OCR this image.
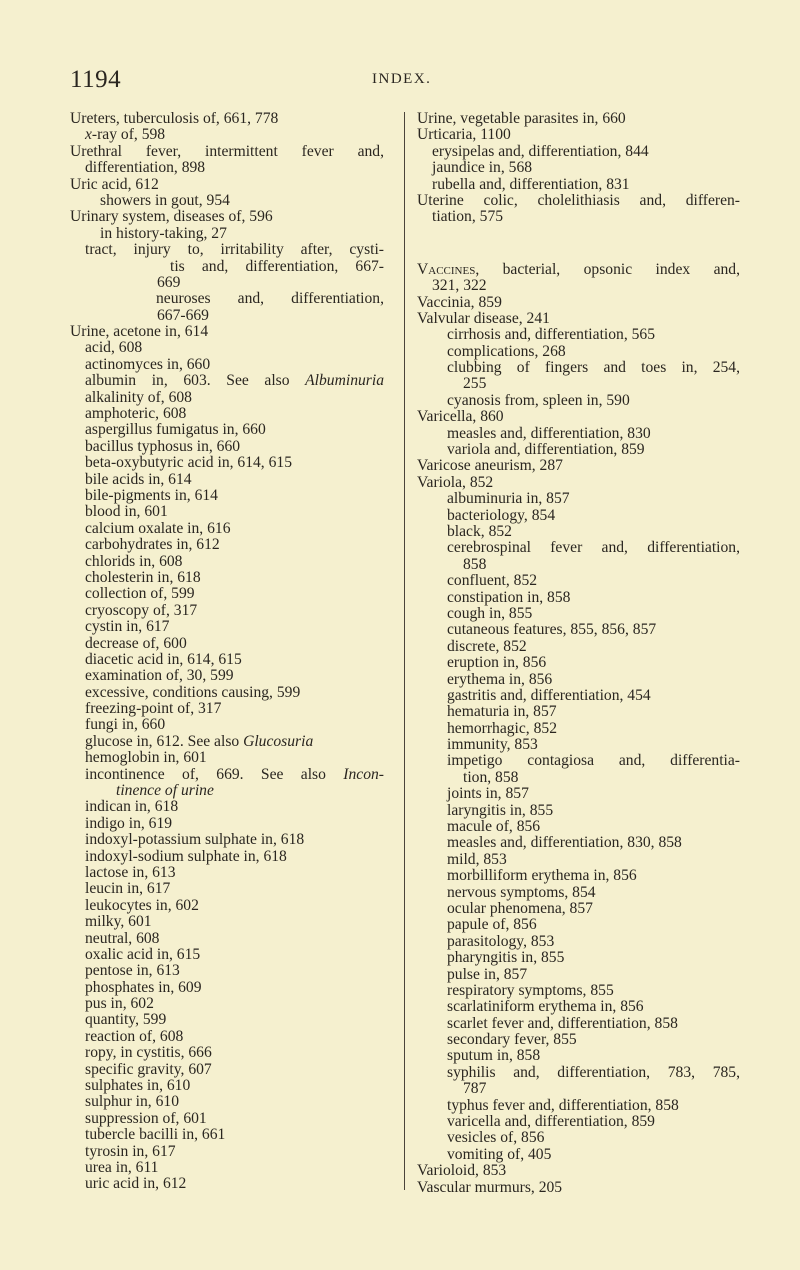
1194	INDEX.
Ureters, tuberculosis of, 661, 778
x-ray of, 598
Urethral fever, intermittent fever and,
differentiation, 898
Uric acid, 612
showers in gout, 954
Urinary system, diseases of, 596
in history-taking, 27
tract, injury to, irritability after, cysti-
tis and, differentiation, 667-
669
neuroses and, differentiation,
667-669
Urine, acetone in, 614
acid, 608
actinomyces in, 660
albumin in, 603. See also Albuminuria
alkalinity of, 608
amphoteric, 608
aspergillus fumigatus in, 660
bacillus typhosus in, 660
beta-oxybutyric acid in, 614, 615
bile acids in, 614
bile-pigments in, 614
blood in, 601
calcium oxalate in, 616
carbohydrates in, 612
chlorids in, 608
cholesterin in, 618
collection of, 599
cryoscopy of, 317
cystin in, 617
decrease of, 600
diacetic acid in, 614, 615
examination of, 30, 599
excessive, conditions causing, 599
freezing-point of, 317
fungi in, 660
glucose in, 612. See also Glucosuria
hemoglobin in, 601
incontinence of, 669. See also Incon-
tinence of urine
indican in, 618
indigo in, 619
indoxyl-potassium sulphate in, 618
indoxyl-sodium sulphate in, 618
lactose in, 613
leucin in, 617
leukocytes in, 602
milky, 601
neutral, 608
oxalic acid in, 615
pentose in, 613
phosphates in, 609
pus in, 602
quantity, 599
reaction of, 608
ropy, in cystitis, 666
specific gravity, 607
sulphates in, 610
sulphur in, 610
suppression of, 601
tubercle bacilli in, 661
tyrosin in, 617
urea in, 611
uric acid in, 612
Urine, vegetable parasites in, 660
Urticaria, 1100
erysipelas and, differentiation, 844
jaundice in, 568
rubella and, differentiation, 831
Uterine colic, cholelithiasis and, differen-
tiation, 575
Vaccines, bacterial, opsonic index and,
321, 322
Vaccinia, 859
Valvular disease, 241
cirrhosis and, differentiation, 565
complications, 268
clubbing of fingers and toes in, 254,
255
cyanosis from, spleen in, 590
Varicella, 860
measles and, differentiation, 830
variola and, differentiation, 859
Varicose aneurism, 287
Variola, 852
albuminuria in, 857
bacteriology, 854
black, 852
cerebrospinal fever and, differentiation,
858
confluent, 852
constipation in, 858
cough in, 855
cutaneous features, 855, 856, 857
discrete, 852
eruption in, 856
erythema in, 856
gastritis and, differentiation, 454
hematuria in, 857
hemorrhagic, 852
immunity, 853
impetigo contagiosa and, differentia-
tion, 858
joints in, 857
laryngitis in, 855
macule of, 856
measles and, differentiation, 830, 858
mild, 853
morbilliform erythema in, 856
nervous symptoms, 854
ocular phenomena, 857
papule of, 856
parasitology, 853
pharyngitis in, 855
pulse in, 857
respiratory symptoms, 855
scarlatiniform erythema in, 856
scarlet fever and, differentiation, 858
secondary fever, 855
sputum in, 858
syphilis and, differentiation, 783, 785,
787
typhus fever and, differentiation, 858
varicella and, differentiation, 859
vesicles of, 856
vomiting of, 405
Varioloid, 853
Vascular murmurs, 205
